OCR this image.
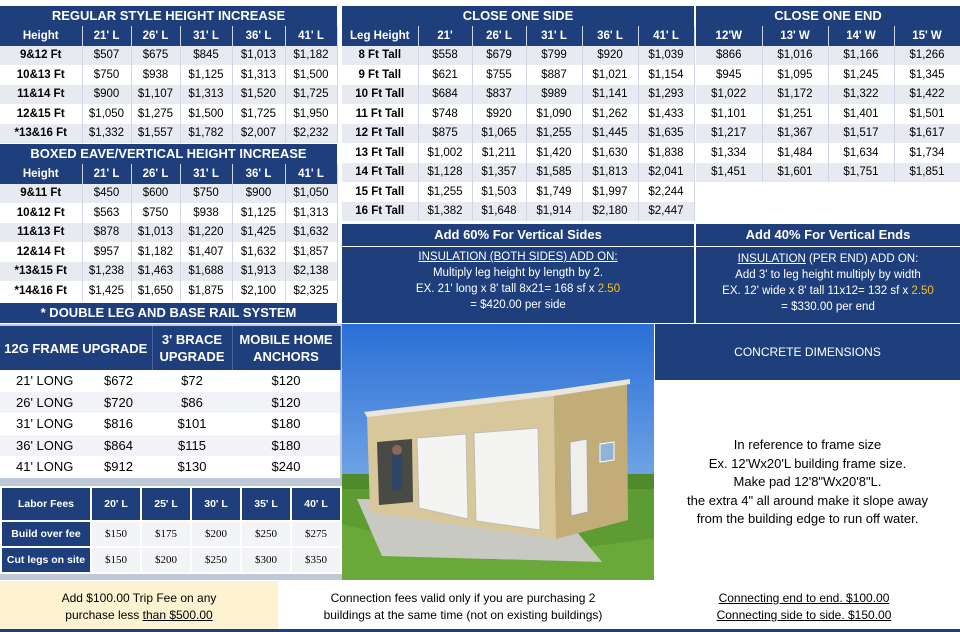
REGULAR STYLE HEIGHT INCREASE
Height	21' L	26' L	31' L	36' L	41' L
9&12 Ft	$507	$675	$845	$1,013	$1,182
10&13 Ft	$750	$938	$1,125	$1,313	$1,500
11&14 Ft	$900	$1,107	$1,313	$1,520	$1,725
12&15 Ft	$1,050	$1,275	$1,500	$1,725	$1,950
*13&16 Ft	$1,332	$1,557	$1,782	$2,007	$2,232
BOXED EAVE/VERTICAL HEIGHT INCREASE
Height	21' L	26' L	31' L	36' L	41' L
9&11 Ft	$450	$600	$750	$900	$1,050
10&12 Ft	$563	$750	$938	$1,125	$1,313
11&13 Ft	$878	$1,013	$1,220	$1,425	$1,632
12&14 Ft	$957	$1,182	$1,407	$1,632	$1,857
*13&15 Ft	$1,238	$1,463	$1,688	$1,913	$2,138
*14&16 Ft	$1,425	$1,650	$1,875	$2,100	$2,325
* DOUBLE LEG AND BASE RAIL SYSTEM
CLOSE ONE SIDE
Leg Height	21'	26' L	31' L	36' L	41' L
8 Ft Tall	$558	$679	$799	$920	$1,039
9 Ft Tall	$621	$755	$887	$1,021	$1,154
10 Ft Tall	$684	$837	$989	$1,141	$1,293
11 Ft Tall	$748	$920	$1,090	$1,262	$1,433
12 Ft Tall	$875	$1,065	$1,255	$1,445	$1,635
13 Ft Tall	$1,002	$1,211	$1,420	$1,630	$1,838
14 Ft Tall	$1,128	$1,357	$1,585	$1,813	$2,041
15 Ft Tall	$1,255	$1,503	$1,749	$1,997	$2,244
16 Ft Tall	$1,382	$1,648	$1,914	$2,180	$2,447
CLOSE ONE END
12'W	13' W	14' W	15' W
$866	$1,016	$1,166	$1,266
$945	$1,095	$1,245	$1,345
$1,022	$1,172	$1,322	$1,422
$1,101	$1,251	$1,401	$1,501
$1,217	$1,367	$1,517	$1,617
$1,334	$1,484	$1,634	$1,734
$1,451	$1,601	$1,751	$1,851
Add 60% For Vertical Sides	Add 40% For Vertical Ends
INSULATION (BOTH SIDES) ADD ON:
Multiply leg height by length by 2.
EX. 21' long x 8' tall 8x21= 168 sf x 2.50
= $420.00 per side
INSULATION (PER END) ADD ON:
Add 3' to leg height multiply by width
EX. 12' wide x 8' tall 11x12= 132 sf x 2.50
= $330.00 per end
12G FRAME UPGRADE		3' BRACE UPGRADE	MOBILE HOME ANCHORS
21' LONG	$672	$72	$120
26' LONG	$720	$86	$120
31' LONG	$816	$101	$180
36' LONG	$864	$115	$180
41' LONG	$912	$130	$240
Labor Fees	20' L	25' L	30' L	35' L	40' L
Build over fee	$150	$175	$200	$250	$275
Cut legs on site	$150	$200	$250	$300	$350
CONCRETE DIMENSIONS
In reference to frame size
Ex. 12'Wx20'L building frame size.
Make pad 12'8"Wx20'8"L.
the extra 4" all around make it slope away
from the building edge to run off water.
Add $100.00 Trip Fee on any
purchase less than $500.00
Connection fees valid only if you are purchasing 2
buildings at the same time (not on existing buildings)
Connecting end to end. $100.00
Connecting side to side. $150.00
